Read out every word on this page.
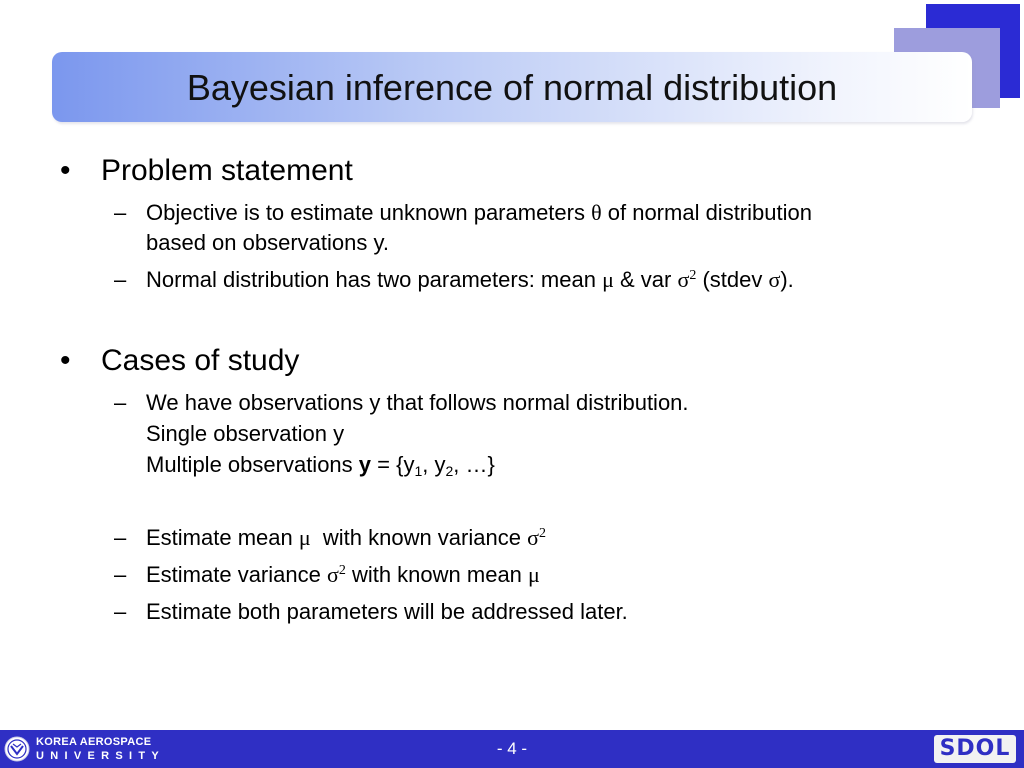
Bayesian inference of normal distribution
• Problem statement
– Objective is to estimate unknown parameters θ of normal distribution
based on observations y.
– Normal distribution has two parameters: mean μ & var $\sigma^2$ (stdev σ).
• Cases of study
– We have observations y that follows normal distribution.
Single observation y
Multiple observations $y = \{y_1$, $y_2$, …}
– Estimate mean μ  with known variance $\sigma^2$
– Estimate variance $\sigma^2$ with known mean μ
– Estimate both parameters will be addressed later.
KOREA AEROSPACE
UNIVERSITY	- 4 -	SDOL
